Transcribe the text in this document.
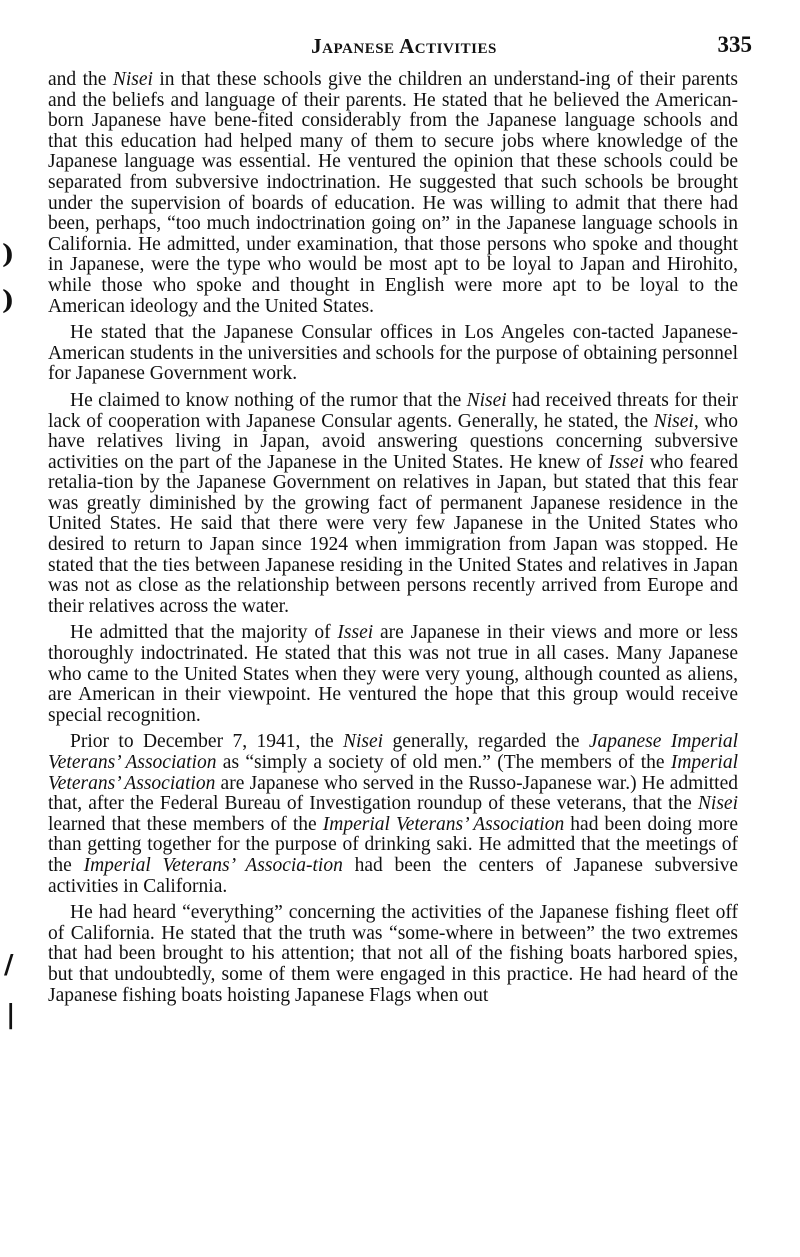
Japanese Activities	335
)
)
/
|

and the Nisei in that these schools give the children an understand-ing of their parents and the beliefs and language of their parents. He stated that he believed the American-born Japanese have bene-fited considerably from the Japanese language schools and that this education had helped many of them to secure jobs where knowledge of the Japanese language was essential. He ventured the opinion that these schools could be separated from subversive indoctrination. He suggested that such schools be brought under the supervision of boards of education. He was willing to admit that there had been, perhaps, “too much indoctrination going on” in the Japanese language schools in California. He admitted, under examination, that those persons who spoke and thought in Japanese, were the type who would be most apt to be loyal to Japan and Hirohito, while those who spoke and thought in English were more apt to be loyal to the American ideology and the United States.

He stated that the Japanese Consular offices in Los Angeles con-tacted Japanese-American students in the universities and schools for the purpose of obtaining personnel for Japanese Government work.

He claimed to know nothing of the rumor that the Nisei had received threats for their lack of cooperation with Japanese Consular agents. Generally, he stated, the Nisei, who have relatives living in Japan, avoid answering questions concerning subversive activities on the part of the Japanese in the United States. He knew of Issei who feared retalia-tion by the Japanese Government on relatives in Japan, but stated that this fear was greatly diminished by the growing fact of permanent Japanese residence in the United States. He said that there were very few Japanese in the United States who desired to return to Japan since 1924 when immigration from Japan was stopped. He stated that the ties between Japanese residing in the United States and relatives in Japan was not as close as the relationship between persons recently arrived from Europe and their relatives across the water.

He admitted that the majority of Issei are Japanese in their views and more or less thoroughly indoctrinated. He stated that this was not true in all cases. Many Japanese who came to the United States when they were very young, although counted as aliens, are American in their viewpoint. He ventured the hope that this group would receive special recognition.

Prior to December 7, 1941, the Nisei generally, regarded the Japanese Imperial Veterans’ Association as “simply a society of old men.” (The members of the Imperial Veterans’ Association are Japanese who served in the Russo-Japanese war.) He admitted that, after the Federal Bureau of Investigation roundup of these veterans, that the Nisei learned that these members of the Imperial Veterans’ Association had been doing more than getting together for the purpose of drinking saki. He admitted that the meetings of the Imperial Veterans’ Associa-tion had been the centers of Japanese subversive activities in California.

He had heard “everything” concerning the activities of the Japanese fishing fleet off of California. He stated that the truth was “some-where in between” the two extremes that had been brought to his attention; that not all of the fishing boats harbored spies, but that undoubtedly, some of them were engaged in this practice. He had heard of the Japanese fishing boats hoisting Japanese Flags when out
